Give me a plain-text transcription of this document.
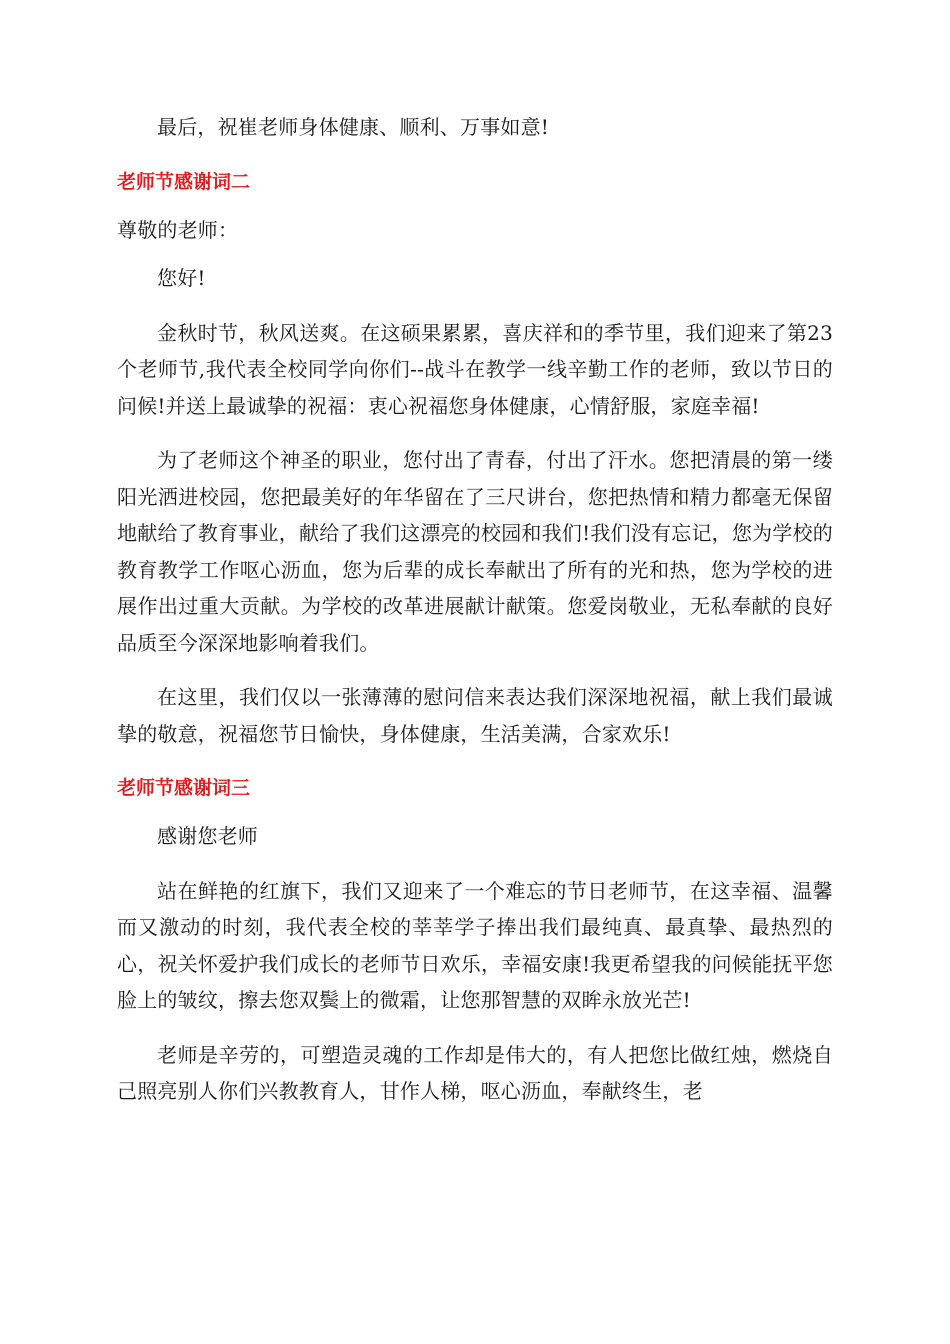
最后，祝崔老师身体健康、顺利、万事如意!

老师节感谢词二

尊敬的老师：

您好!

金秋时节，秋风送爽。在这硕果累累，喜庆祥和的季节里，我们迎来了第23个老师节,我代表全校同学向你们--战斗在教学一线辛勤工作的老师，致以节日的问候!并送上最诚挚的祝福：衷心祝福您身体健康，心情舒服，家庭幸福!

为了老师这个神圣的职业，您付出了青春，付出了汗水。您把清晨的第一缕阳光洒进校园，您把最美好的年华留在了三尺讲台，您把热情和精力都毫无保留地献给了教育事业，献给了我们这漂亮的校园和我们!我们没有忘记，您为学校的教育教学工作呕心沥血，您为后辈的成长奉献出了所有的光和热，您为学校的进展作出过重大贡献。为学校的改革进展献计献策。您爱岗敬业，无私奉献的良好品质至今深深地影响着我们。

在这里，我们仅以一张薄薄的慰问信来表达我们深深地祝福，献上我们最诚挚的敬意，祝福您节日愉快，身体健康，生活美满，合家欢乐!

老师节感谢词三

感谢您老师

站在鲜艳的红旗下，我们又迎来了一个难忘的节日老师节，在这幸福、温馨而又激动的时刻，我代表全校的莘莘学子捧出我们最纯真、最真挚、最热烈的心，祝关怀爱护我们成长的老师节日欢乐，幸福安康!我更希望我的问候能抚平您脸上的皱纹，擦去您双鬓上的微霜，让您那智慧的双眸永放光芒!

老师是辛劳的，可塑造灵魂的工作却是伟大的，有人把您比做红烛，燃烧自己照亮别人你们兴教教育人，甘作人梯，呕心沥血，奉献终生，老
